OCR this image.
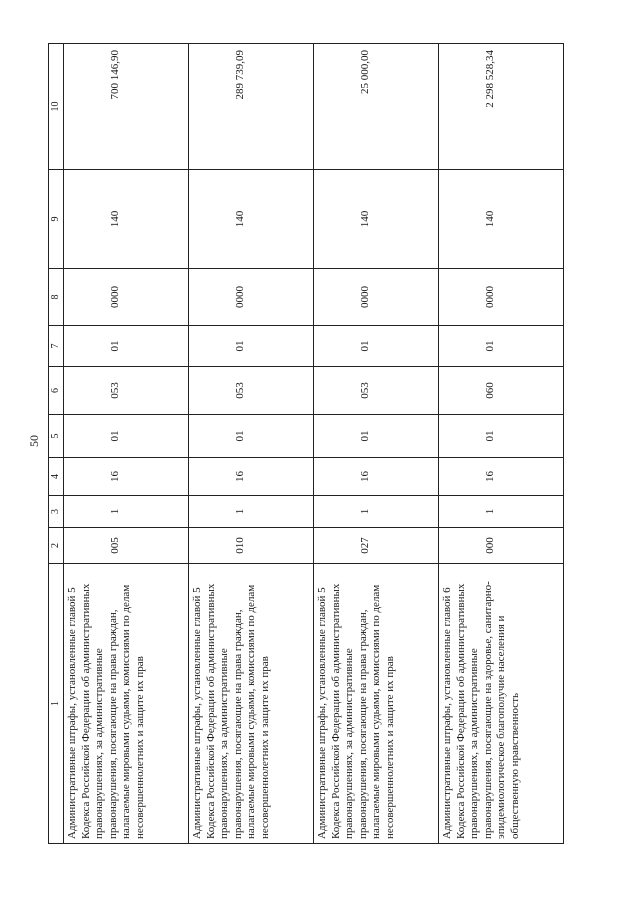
50
1	2	3	4	5	6	7	8	9	10
Административные штрафы, установленные главой 5 Кодекса Российской Федерации об административных правонарушениях, за административные правонарушения, посягающие на права граждан, налагаемые мировыми судьями, комиссиями по делам несовершеннолетних и защите их прав	005	1	16	01	053	01	0000	140	700 146,90
Административные штрафы, установленные главой 5 Кодекса Российской Федерации об административных правонарушениях, за административные правонарушения, посягающие на права граждан, налагаемые мировыми судьями, комиссиями по делам несовершеннолетних и защите их прав	010	1	16	01	053	01	0000	140	289 739,09
Административные штрафы, установленные главой 5 Кодекса Российской Федерации об административных правонарушениях, за административные правонарушения, посягающие на права граждан, налагаемые мировыми судьями, комиссиями по делам несовершеннолетних и защите их прав	027	1	16	01	053	01	0000	140	25 000,00
Административные штрафы, установленные главой 6 Кодекса Российской Федерации об административных правонарушениях, за административные правонарушения, посягающие на здоровье, санитарно-эпидемиологическое благополучие населения и общественную нравственность	000	1	16	01	060	01	0000	140	2 298 528,34
